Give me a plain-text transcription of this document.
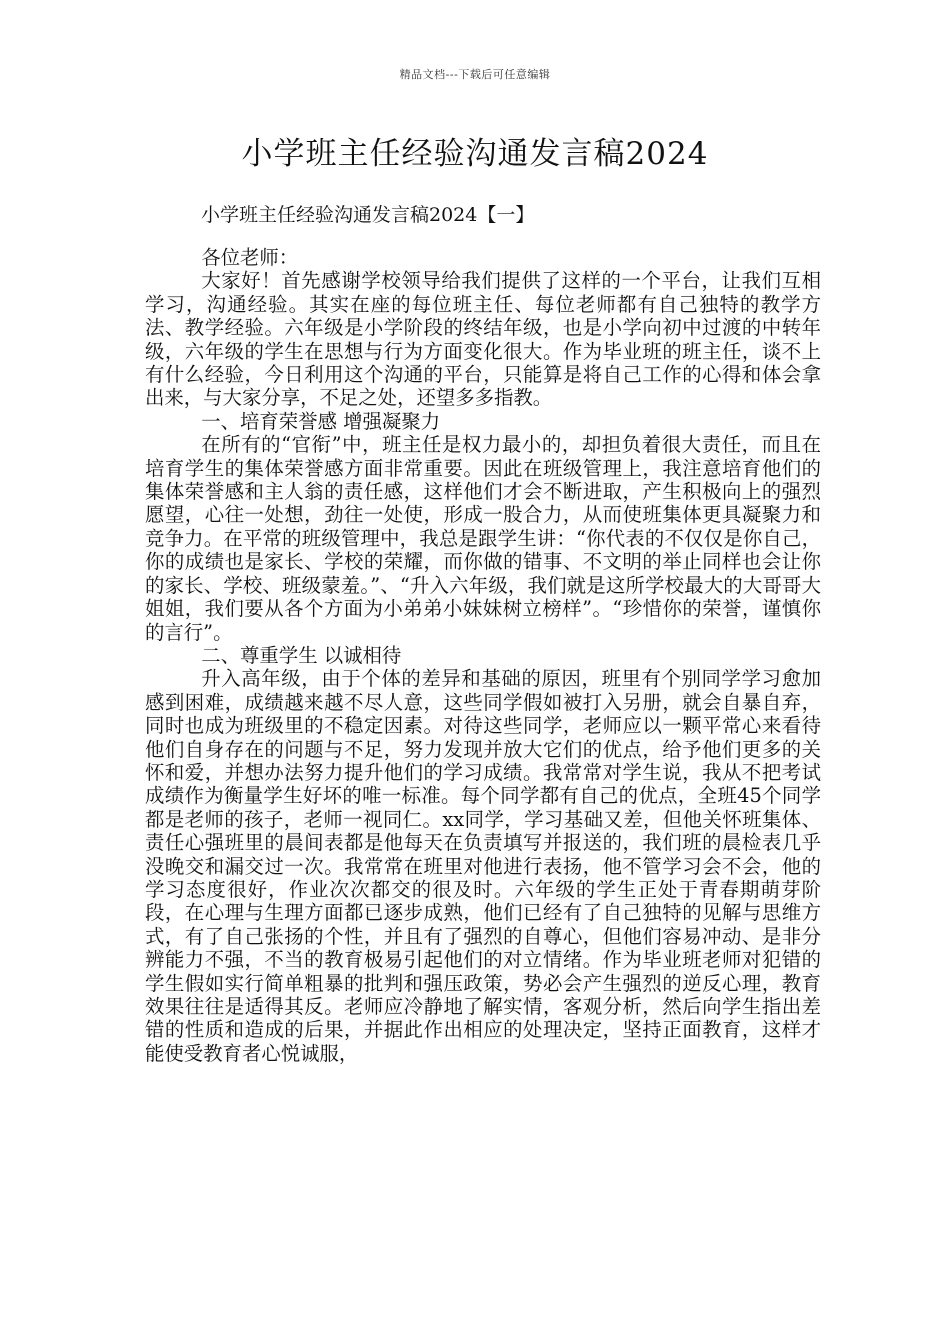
精品文档---下载后可任意编辑
小学班主任经验沟通发言稿2024
小学班主任经验沟通发言稿2024【一】

各位老师：

大家好！首先感谢学校领导给我们提供了这样的一个平台，让我们互相学习，沟通经验。其实在座的每位班主任、每位老师都有自己独特的教学方法、教学经验。六年级是小学阶段的终结年级，也是小学向初中过渡的中转年级，六年级的学生在思想与行为方面变化很大。作为毕业班的班主任，谈不上有什么经验，今日利用这个沟通的平台，只能算是将自己工作的心得和体会拿出来，与大家分享，不足之处，还望多多指教。

一、培育荣誉感 增强凝聚力

在所有的“官衔”中，班主任是权力最小的，却担负着很大责任，而且在培育学生的集体荣誉感方面非常重要。因此在班级管理上，我注意培育他们的集体荣誉感和主人翁的责任感，这样他们才会不断进取，产生积极向上的强烈愿望，心往一处想，劲往一处使，形成一股合力，从而使班集体更具凝聚力和竞争力。在平常的班级管理中，我总是跟学生讲：“你代表的不仅仅是你自己，你的成绩也是家长、学校的荣耀，而你做的错事、不文明的举止同样也会让你的家长、学校、班级蒙羞。”、“升入六年级，我们就是这所学校最大的大哥哥大姐姐，我们要从各个方面为小弟弟小妹妹树立榜样”。“珍惜你的荣誉，谨慎你的言行”。

二、尊重学生 以诚相待

升入高年级，由于个体的差异和基础的原因，班里有个别同学学习愈加感到困难，成绩越来越不尽人意，这些同学假如被打入另册，就会自暴自弃，同时也成为班级里的不稳定因素。对待这些同学，老师应以一颗平常心来看待他们自身存在的问题与不足，努力发现并放大它们的优点，给予他们更多的关怀和爱，并想办法努力提升他们的学习成绩。我常常对学生说，我从不把考试成绩作为衡量学生好坏的唯一标准。每个同学都有自己的优点，全班45个同学都是老师的孩子，老师一视同仁。xx同学，学习基础又差，但他关怀班集体、责任心强班里的晨间表都是他每天在负责填写并报送的，我们班的晨检表几乎没晚交和漏交过一次。我常常在班里对他进行表扬，他不管学习会不会，他的学习态度很好，作业次次都交的很及时。六年级的学生正处于青春期萌芽阶段，在心理与生理方面都已逐步成熟，他们已经有了自己独特的见解与思维方式，有了自己张扬的个性，并且有了强烈的自尊心，但他们容易冲动、是非分辨能力不强，不当的教育极易引起他们的对立情绪。作为毕业班老师对犯错的学生假如实行简单粗暴的批判和强压政策，势必会产生强烈的逆反心理，教育效果往往是适得其反。老师应冷静地了解实情，客观分析，然后向学生指出差错的性质和造成的后果，并据此作出相应的处理决定，坚持正面教育，这样才能使受教育者心悦诚服，
